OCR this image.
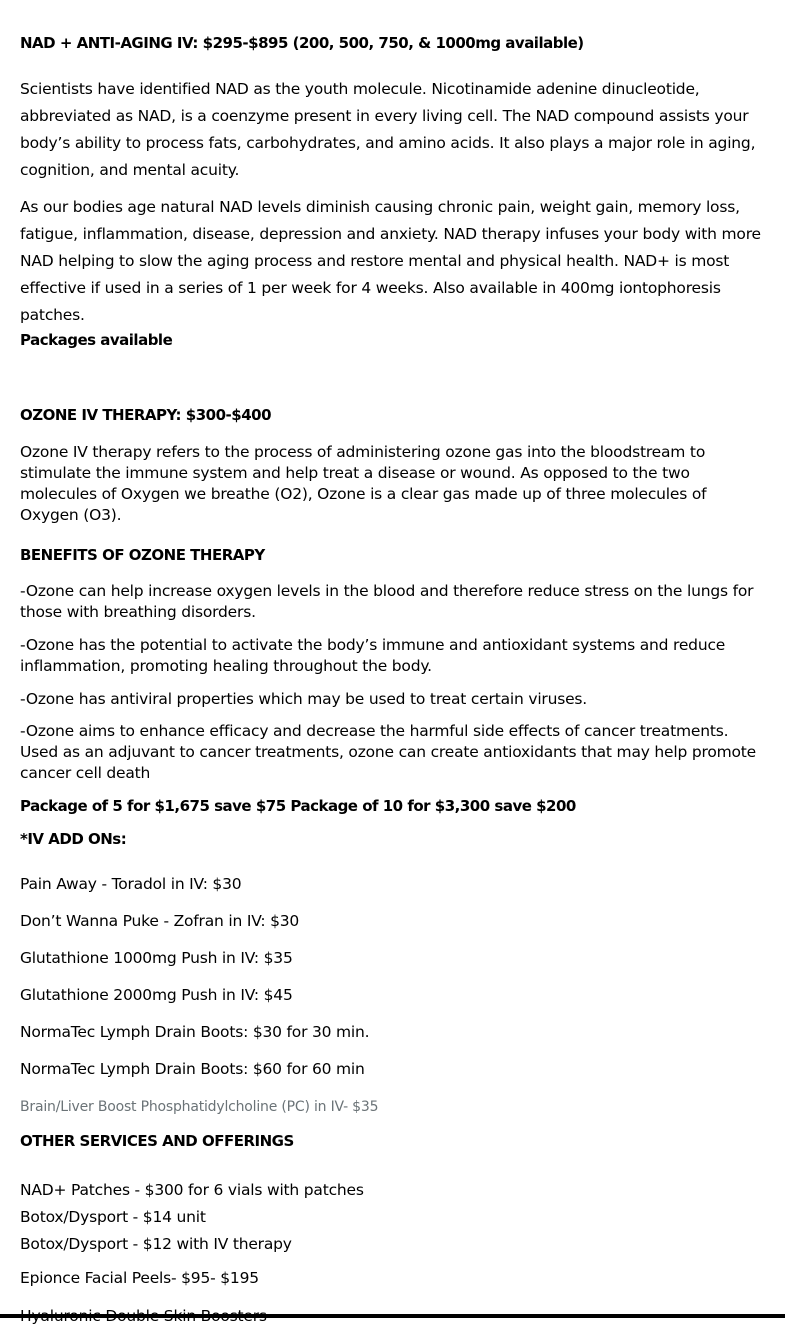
NAD + ANTI-AGING IV: $295-$895 (200, 500, 750, & 1000mg available)

Scientists have identified NAD as the youth molecule. Nicotinamide adenine dinucleotide, abbreviated as NAD, is a coenzyme present in every living cell. The NAD compound assists your body’s ability to process fats, carbohydrates, and amino acids. It also plays a major role in aging, cognition, and mental acuity.

As our bodies age natural NAD levels diminish causing chronic pain, weight gain, memory loss, fatigue, inflammation, disease, depression and anxiety. NAD therapy infuses your body with more NAD helping to slow the aging process and restore mental and physical health. NAD+ is most effective if used in a series of 1 per week for 4 weeks. Also available in 400mg iontophoresis patches.

Packages available

OZONE IV THERAPY: $300-$400

Ozone IV therapy refers to the process of administering ozone gas into the bloodstream to stimulate the immune system and help treat a disease or wound. As opposed to the two molecules of Oxygen we breathe (O2), Ozone is a clear gas made up of three molecules of Oxygen (O3).

BENEFITS OF OZONE THERAPY

-Ozone can help increase oxygen levels in the blood and therefore reduce stress on the lungs for those with breathing disorders.

-Ozone has the potential to activate the body’s immune and antioxidant systems and reduce inflammation, promoting healing throughout the body.

-Ozone has antiviral properties which may be used to treat certain viruses.

-Ozone aims to enhance efficacy and decrease the harmful side effects of cancer treatments. Used as an adjuvant to cancer treatments, ozone can create antioxidants that may help promote cancer cell death

Package of 5 for $1,675 save $75 Package of 10 for $3,300 save $200

*IV ADD ONs:

Pain Away - Toradol in IV: $30

Don’t Wanna Puke - Zofran in IV: $30

Glutathione 1000mg Push in IV: $35

Glutathione 2000mg Push in IV: $45

NormaTec Lymph Drain Boots: $30 for 30 min.

NormaTec Lymph Drain Boots: $60 for 60 min

Brain/Liver Boost Phosphatidylcholine (PC) in IV- $35

OTHER SERVICES AND OFFERINGS

NAD+ Patches - $300 for 6 vials with patches

Botox/Dysport - $14 unit

Botox/Dysport - $12 with IV therapy

Epionce Facial Peels- $95- $195
